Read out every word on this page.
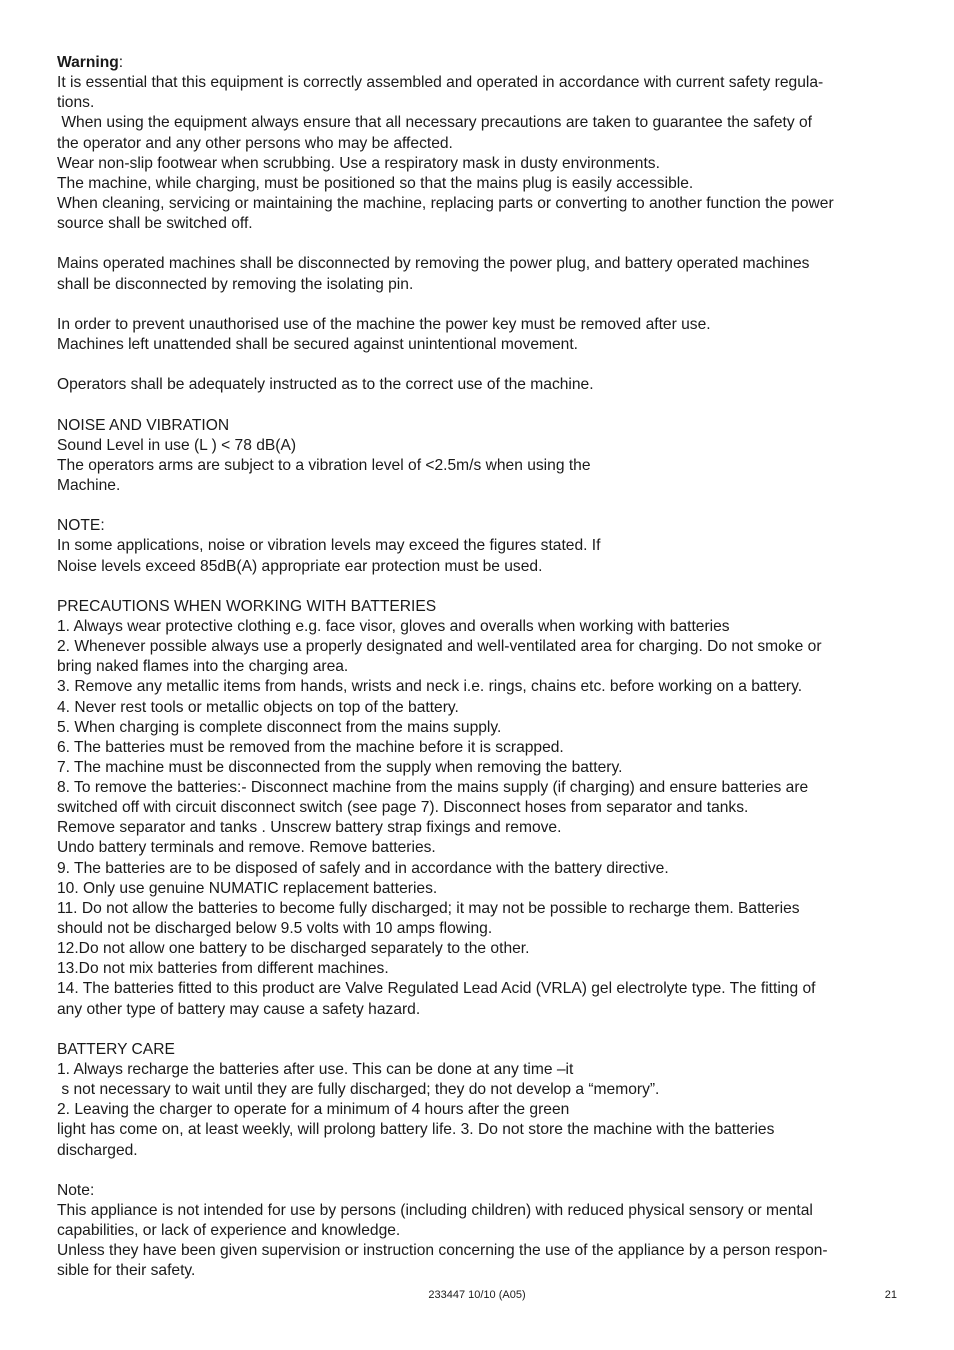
Warning:
It is essential that this equipment is correctly assembled and operated in accordance with current safety regula-
tions.
When using the equipment always ensure that all necessary precautions are taken to guarantee the safety of
the operator and any other persons who may be affected.
Wear non-slip footwear when scrubbing. Use a respiratory mask in dusty environments.
The machine, while charging, must be positioned so that the mains plug is easily accessible.
When cleaning, servicing or maintaining the machine, replacing parts or converting to another function the power
source shall be switched off.
Mains operated machines shall be disconnected by removing the power plug, and battery operated machines
shall be disconnected by removing the isolating pin.
In order to prevent unauthorised use of the machine the power key must be removed after use.
Machines left unattended shall be secured against unintentional movement.
Operators shall be adequately instructed as to the correct use of the machine.
NOISE AND VIBRATION
Sound Level in use (L ) < 78 dB(A)
The operators arms are subject to a vibration level of <2.5m/s when using the
Machine.
NOTE:
In some applications, noise or vibration levels may exceed the figures stated. If
Noise levels exceed 85dB(A) appropriate ear protection must be used.
PRECAUTIONS WHEN WORKING WITH BATTERIES
1. Always wear protective clothing e.g. face visor, gloves and overalls when working with batteries
2. Whenever possible always use a properly designated and well-ventilated area for charging. Do not smoke or
bring naked flames into the charging area.
3. Remove any metallic items from hands, wrists and neck i.e. rings, chains etc. before working on a battery.
4. Never rest tools or metallic objects on top of the battery.
5. When charging is complete disconnect from the mains supply.
6. The batteries must be removed from the machine before it is scrapped.
7. The machine must be disconnected from the supply when removing the battery.
8. To remove the batteries:- Disconnect machine from the mains supply (if charging) and ensure batteries are
switched off with circuit disconnect switch (see page 7). Disconnect hoses from separator and tanks.
Remove separator and tanks . Unscrew battery strap fixings and remove.
Undo battery terminals and remove. Remove batteries.
9. The batteries are to be disposed of safely and in accordance with the battery directive.
10. Only use genuine NUMATIC replacement batteries.
11. Do not allow the batteries to become fully discharged; it may not be possible to recharge them. Batteries
should not be discharged below 9.5 volts with 10 amps flowing.
12.Do not allow one battery to be discharged separately to the other.
13.Do not mix batteries from different machines.
14. The batteries fitted to this product are Valve Regulated Lead Acid (VRLA) gel electrolyte type. The fitting of
any other type of battery may cause a safety hazard.
BATTERY CARE
1. Always recharge the batteries after use. This can be done at any time –it
s not necessary to wait until they are fully discharged; they do not develop a “memory”.
2. Leaving the charger to operate for a minimum of 4 hours after the green
light has come on, at least weekly, will prolong battery life. 3. Do not store the machine with the batteries
discharged.
Note:
This appliance is not intended for use by persons (including children) with reduced physical sensory or mental
capabilities, or lack of experience and knowledge.
Unless they have been given supervision or instruction concerning the use of the appliance by a person respon-
sible for their safety.
233447 10/10 (A05)	21
